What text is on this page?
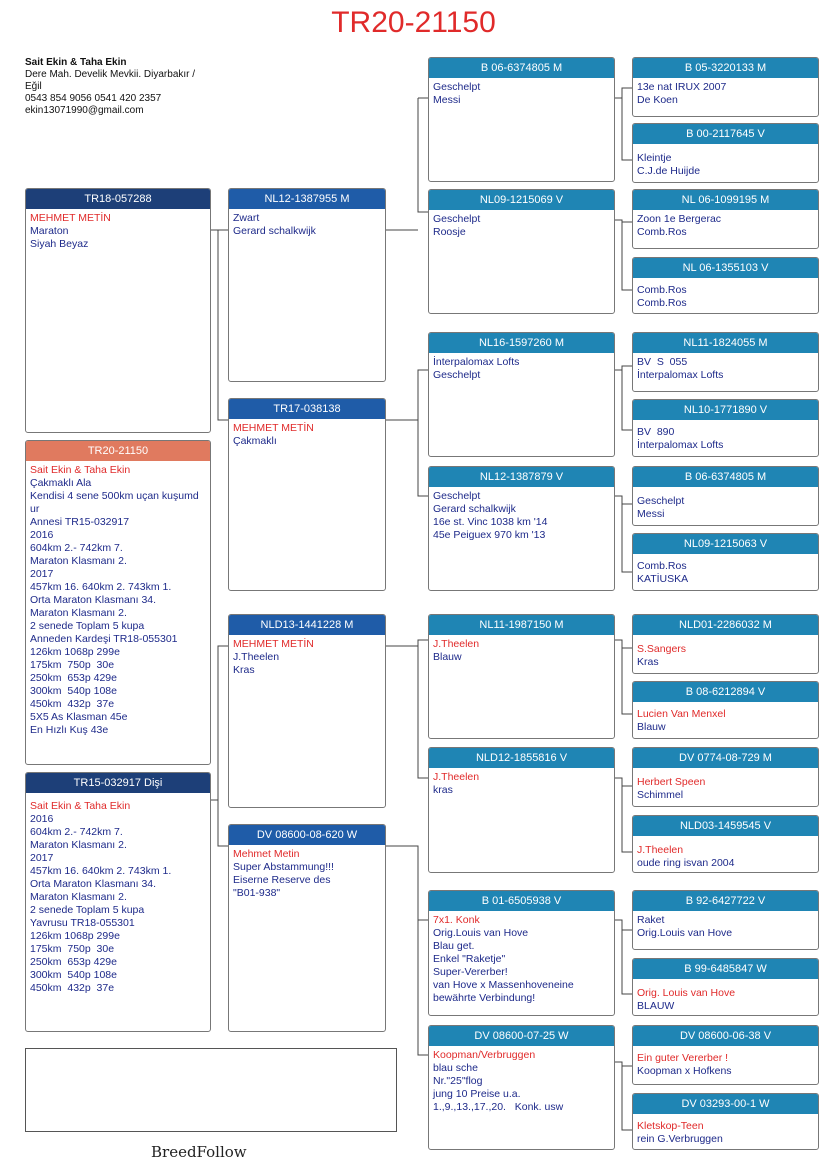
TR20-21150
Sait Ekin & Taha Ekin
Dere Mah. Develik Mevkii. Diyarbakır /
Eğil
0543 854 9056 0541 420 2357
ekin13071990@gmail.com
TR18-057288
MEHMET METİN
Maraton
Siyah Beyaz
TR20-21150
Sait Ekin & Taha Ekin
Çakmaklı Ala
Kendisi 4 sene 500km uçan kuşumd
ur
Annesi TR15-032917
2016
604km 2.- 742km 7.
Maraton Klasmanı 2.
2017
457km 16. 640km 2. 743km 1.
Orta Maraton Klasmanı 34.
Maraton Klasmanı 2.
2 senede Toplam 5 kupa
Anneden Kardeşi TR18-055301
126km 1068p 299e
175km  750p  30e
250km  653p 429e
300km  540p 108e
450km  432p  37e
5X5 As Klasman 45e
En Hızlı Kuş 43e
TR15-032917 Dişi
Sait Ekin & Taha Ekin
2016
604km 2.- 742km 7.
Maraton Klasmanı 2.
2017
457km 16. 640km 2. 743km 1.
Orta Maraton Klasmanı 34.
Maraton Klasmanı 2.
2 senede Toplam 5 kupa
Yavrusu TR18-055301
126km 1068p 299e
175km  750p  30e
250km  653p 429e
300km  540p 108e
450km  432p  37e
NL12-1387955 M
Zwart
Gerard schalkwijk
TR17-038138
MEHMET METİN
Çakmaklı
NLD13-1441228 M
MEHMET METİN
J.Theelen
Kras
DV 08600-08-620 W
Mehmet Metin
Super Abstammung!!!
Eiserne Reserve des
"B01-938"
B 06-6374805 M
Geschelpt
Messi
NL09-1215069 V
Geschelpt
Roosje
NL16-1597260 M
İnterpalomax Lofts
Geschelpt
NL12-1387879 V
Geschelpt
Gerard schalkwijk
16e st. Vinc 1038 km '14
45e Peiguex 970 km '13
NL11-1987150 M
J.Theelen
Blauw
NLD12-1855816 V
J.Theelen
kras
B 01-6505938 V
7x1. Konk
Orig.Louis van Hove
Blau get.
Enkel "Raketje"
Super-Vererber!
van Hove x Massenhoveneine
bewährte Verbindung!
DV 08600-07-25 W
Koopman/Verbruggen
blau sche
Nr."25"flog
jung 10 Preise u.a.
1.,9.,13.,17.,20.   Konk. usw
B 05-3220133 M
13e nat IRUX 2007
De Koen
B 00-2117645 V
Kleintje
C.J.de Huijde
NL 06-1099195 M
Zoon 1e Bergerac
Comb.Ros
NL 06-1355103 V
Comb.Ros
Comb.Ros
NL11-1824055 M
BV  S  055
İnterpalomax Lofts
NL10-1771890 V
BV  890
İnterpalomax Lofts
B 06-6374805 M
Geschelpt
Messi
NL09-1215063 V
Comb.Ros
KATİUSKA
NLD01-2286032 M
S.Sangers
Kras
B 08-6212894 V
Lucien Van Menxel
Blauw
DV 0774-08-729 M
Herbert Speen
Schimmel
NLD03-1459545 V
J.Theelen
oude ring isvan 2004
B 92-6427722 V
Raket
Orig.Louis van Hove
B 99-6485847 W
Orig. Louis van Hove
BLAUW
DV 08600-06-38 V
Ein guter Vererber !
Koopman x Hofkens
DV 03293-00-1 W
Kletskop-Teen
rein G.Verbruggen
BreedFollow
